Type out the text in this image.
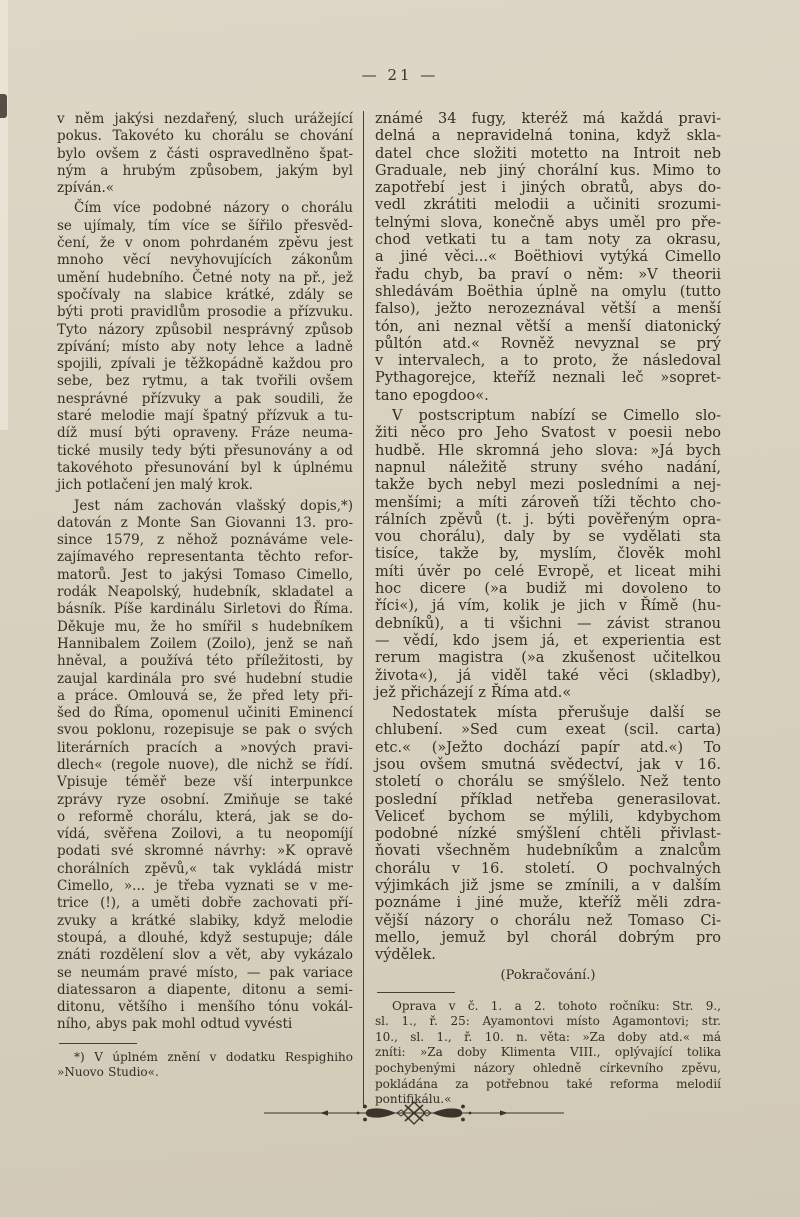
— 21 —
v něm jakýsi nezdařený, sluch urážející
pokus. Takovéto ku chorálu se chování
bylo ovšem z části ospravedlněno špat-
ným a hrubým způsobem, jakým byl
zpíván.«
Čím více podobné názory o chorálu
se ujímaly, tím více se šířilo přesvěd-
čení, že v onom pohrdaném zpěvu jest
mnoho věcí nevyhovujících zákonům
umění hudebního. Četné noty na př., jež
spočívaly na slabice krátké, zdály se
býti proti pravidlům prosodie a přízvuku.
Tyto názory způsobil nesprávný způsob
zpívání; místo aby noty lehce a ladně
spojili, zpívali je těžkopádně každou pro
sebe, bez rytmu, a tak tvořili ovšem
nesprávné přízvuky a pak soudili, že
staré melodie mají špatný přízvuk a tu-
díž musí býti opraveny. Fráze neuma-
tické musily tedy býti přesunovány a od
takovéhoto přesunování byl k úplnému
jich potlačení jen malý krok.
Jest nám zachován vlašský dopis,*)
datován z Monte San Giovanni 13. pro-
since 1579, z něhož poznáváme vele-
zajímavého representanta těchto refor-
matorů. Jest to jakýsi Tomaso Cimello,
rodák Neapolský, hudebník, skladatel a
básník. Píše kardinálu Sirletovi do Říma.
Děkuje mu, že ho smířil s hudebníkem
Hannibalem Zoilem (Zoilo), jenž se naň
hněval, a používá této příležitosti, by
zaujal kardinála pro své hudební studie
a práce. Omlouvá se, že před lety při-
šed do Říma, opomenul učiniti Eminencí
svou poklonu, rozepisuje se pak o svých
literárních pracích a »nových pravi-
dlech« (regole nuove), dle nichž se řídí.
Vpisuje téměř beze vší interpunkce
zprávy ryze osobní. Zmiňuje se také
o reformě chorálu, která, jak se do-
vídá, svěřena Zoilovi, a tu neopomíjí
podati své skromné návrhy: »K opravě
chorálních zpěvů,« tak vykládá mistr
Cimello, »... je třeba vyznati se v me-
trice (!), a uměti dobře zachovati pří-
zvuky a krátké slabiky, když melodie
stoupá, a dlouhé, když sestupuje; dále
znáti rozdělení slov a vět, aby vykázalo
se neumám pravé místo, — pak variace
diatessaron a diapente, ditonu a semi-
ditonu, většího i menšího tónu vokál-
ního, abys pak mohl odtud vyvésti
*) V úplném znění v dodatku Respighiho
»Nuovo Studio«.
známé 34 fugy, kteréž má každá pravi-
delná a nepravidelná tonina, když skla-
datel chce složiti motetto na Introit neb
Graduale, neb jiný chorální kus. Mimo to
zapotřebí jest i jiných obratů, abys do-
vedl zkrátiti melodii a učiniti srozumi-
telnými slova, konečně abys uměl pro pře-
chod vetkati tu a tam noty za okrasu,
a jiné věci...« Boëthiovi vytýká Cimello
řadu chyb, ba praví o něm: »V theorii
shledávám Boëthia úplně na omylu (tutto
falso), ježto nerozeznával větší a menší
tón, ani neznal větší a menší diatonický
půltón atd.« Rovněž nevyznal se prý
v intervalech, a to proto, že následoval
Pythagorejce, kteříž neznali leč »sopret-
tano epogdoo«.
V postscriptum nabízí se Cimello slo-
žiti něco pro Jeho Svatost v poesii nebo
hudbě. Hle skromná jeho slova: »Já bych
napnul náležitě struny svého nadání,
takže bych nebyl mezi posledními a nej-
menšími; a míti zároveň tíži těchto cho-
rálních zpěvů (t. j. býti pověřeným opra-
vou chorálu), daly by se vydělati sta
tisíce, takže by, myslím, člověk mohl
míti úvěr po celé Evropě, et liceat mihi
hoc dicere (»a budiž mi dovoleno to
říci«), já vím, kolik je jich v Římě (hu-
debníků), a ti všichni — závist stranou
— vědí, kdo jsem já, et experientia est
rerum magistra (»a zkušenost učitelkou
života«), já viděl také věci (skladby),
jež přicházejí z Říma atd.«
Nedostatek místa přerušuje další se
chlubení. »Sed cum exeat (scil. carta)
etc.« (»Ježto dochází papír atd.«) To
jsou ovšem smutná svědectví, jak v 16.
století o chorálu se smýšlelo. Než tento
poslední příklad netřeba generasilovat.
Veliceť bychom se mýlili, kdybychom
podobné nízké smýšlení chtěli přivlast-
ňovati všechněm hudebníkům a znalcům
chorálu v 16. století. O pochvalných
výjimkách již jsme se zmínili, a v dalším
poznáme i jiné muže, kteříž měli zdra-
vější názory o chorálu než Tomaso Ci-
mello, jemuž byl chorál dobrým pro
výdělek.
(Pokračování.)
Oprava v č. 1. a 2. tohoto ročníku: Str. 9.,
sl. 1., ř. 25: Ayamontovi místo Agamontovi; str.
10., sl. 1., ř. 10. n. věta: »Za doby atd.« má
zníti: »Za doby Klimenta VIII., oplývající tolika
pochybenými názory ohledně církevního zpěvu,
pokládána za potřebnou také reforma melodií
pontifikálu.«
